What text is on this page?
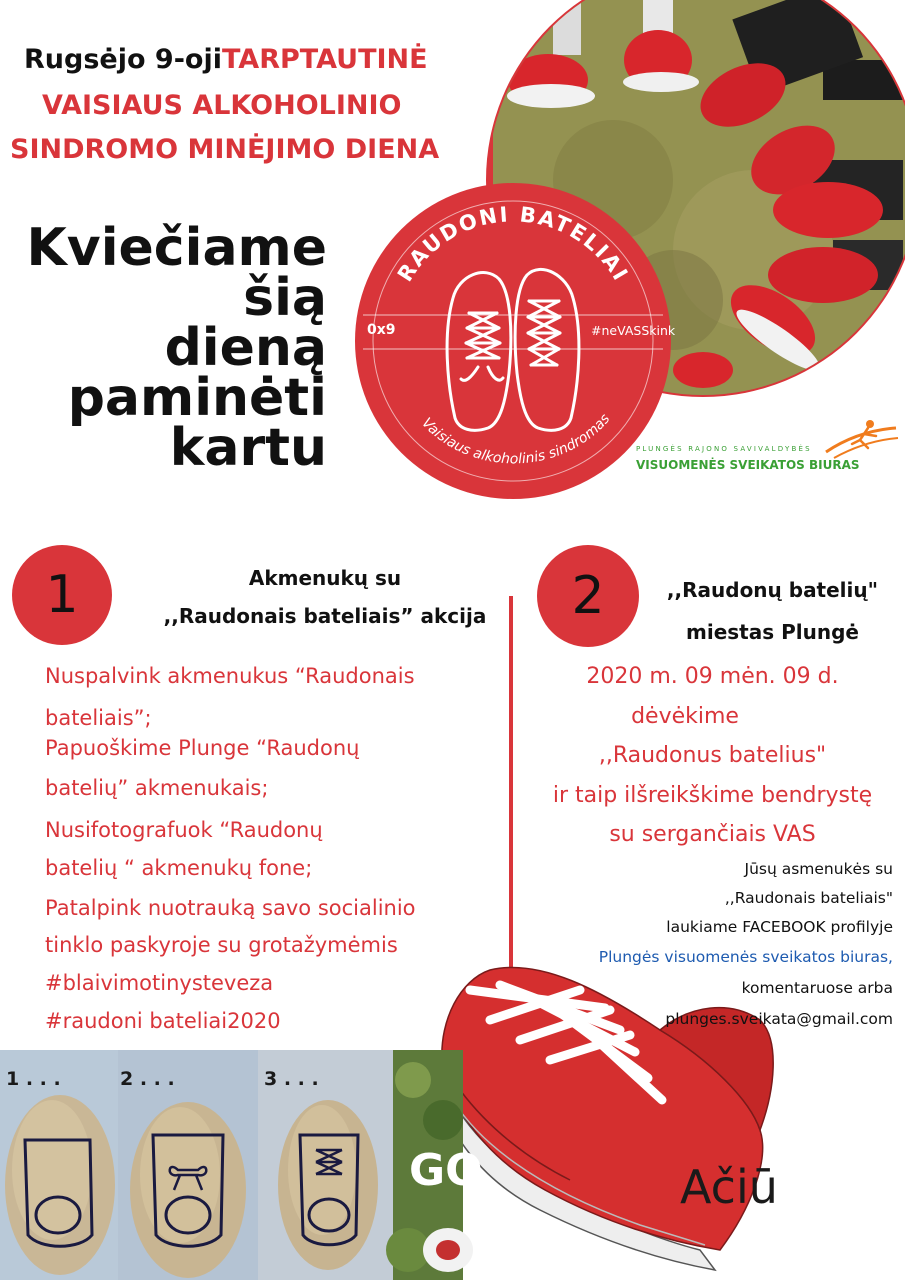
Rugsėjo 9-ojiTARPTAUTINĖ
VAISIAUS ALKOHOLINIO
SINDROMO MINĖJIMO DIENA
RAUDONI BATELIAI
Vaisiaus alkoholinis sindromas
0x9	#neVASSkink
Kviečiame
šią
dieną
paminėti
kartu	PLUNGĖS RAJONO SAVIVALDYBĖS
VISUOMENĖS SVEIKATOS BIURAS
1	Akmenukų su
,,Raudonais bateliais” akcija
Nuspalvink akmenukus “Raudonais
bateliais”;
Papuoškime Plunge “Raudonų
batelių” akmenukais;
Nusifotografuok “Raudonų
batelių “ akmenukų fone;
Patalpink nuotrauką savo socialinio
tinklo paskyroje su grotažymėmis
#blaivimotinysteveza
#raudoni bateliai2020
2	,,Raudonų batelių"
miestas Plungė
Ačiū
2020 m. 09 mėn. 09 d.
dėvėkime
,,Raudonus batelius"
ir taip ilšreikškime bendrystę
su sergančiais VAS
Jūsų asmenukės su
,,Raudonais bateliais"
laukiame FACEBOOK profilyje
Plungės visuomenės sveikatos biuras,
komentaruose arba
plunges.sveikata@gmail.com
1 . . .	2 . . .	3 . . .
GO
